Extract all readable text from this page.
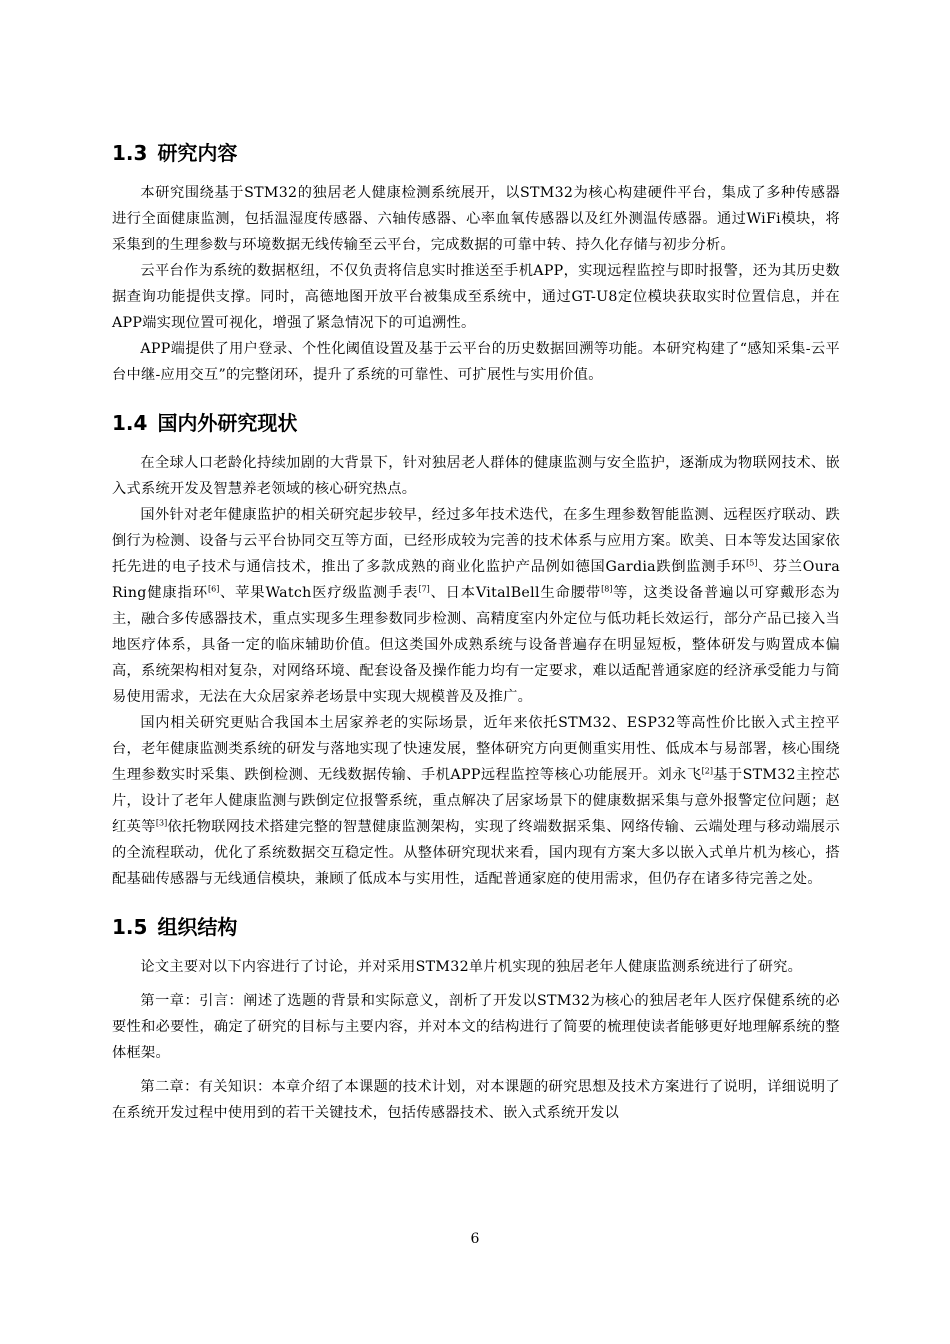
1.3 研究内容

本研究围绕基于STM32的独居老人健康检测系统展开，以STM32为核心构建硬件平台，集成了多种传感器进行全面健康监测，包括温湿度传感器、六轴传感器、心率血氧传感器以及红外测温传感器。通过WiFi模块，将采集到的生理参数与环境数据无线传输至云平台，完成数据的可靠中转、持久化存储与初步分析。

云平台作为系统的数据枢纽，不仅负责将信息实时推送至手机APP，实现远程监控与即时报警，还为其历史数据查询功能提供支撑。同时，高德地图开放平台被集成至系统中，通过GT-U8定位模块获取实时位置信息，并在APP端实现位置可视化，增强了紧急情况下的可追溯性。

APP端提供了用户登录、个性化阈值设置及基于云平台的历史数据回溯等功能。本研究构建了“感知采集-云平台中继-应用交互”的完整闭环，提升了系统的可靠性、可扩展性与实用价值。

1.4 国内外研究现状

在全球人口老龄化持续加剧的大背景下，针对独居老人群体的健康监测与安全监护，逐渐成为物联网技术、嵌入式系统开发及智慧养老领域的核心研究热点。

国外针对老年健康监护的相关研究起步较早，经过多年技术迭代，在多生理参数智能监测、远程医疗联动、跌倒行为检测、设备与云平台协同交互等方面，已经形成较为完善的技术体系与应用方案。欧美、日本等发达国家依托先进的电子技术与通信技术，推出了多款成熟的商业化监护产品例如德国Gardia跌倒监测手环[5]、芬兰Oura Ring健康指环[6]、苹果Watch医疗级监测手表[7]、日本VitalBell生命腰带[8]等，这类设备普遍以可穿戴形态为主，融合多传感器技术，重点实现多生理参数同步检测、高精度室内外定位与低功耗长效运行，部分产品已接入当地医疗体系，具备一定的临床辅助价值。但这类国外成熟系统与设备普遍存在明显短板，整体研发与购置成本偏高，系统架构相对复杂，对网络环境、配套设备及操作能力均有一定要求，难以适配普通家庭的经济承受能力与简易使用需求，无法在大众居家养老场景中实现大规模普及及推广。

国内相关研究更贴合我国本土居家养老的实际场景，近年来依托STM32、ESP32等高性价比嵌入式主控平台，老年健康监测类系统的研发与落地实现了快速发展，整体研究方向更侧重实用性、低成本与易部署，核心围绕生理参数实时采集、跌倒检测、无线数据传输、手机APP远程监控等核心功能展开。刘永飞[2]基于STM32主控芯片，设计了老年人健康监测与跌倒定位报警系统，重点解决了居家场景下的健康数据采集与意外报警定位问题；赵红英等[3]依托物联网技术搭建完整的智慧健康监测架构，实现了终端数据采集、网络传输、云端处理与移动端展示的全流程联动，优化了系统数据交互稳定性。从整体研究现状来看，国内现有方案大多以嵌入式单片机为核心，搭配基础传感器与无线通信模块，兼顾了低成本与实用性，适配普通家庭的使用需求，但仍存在诸多待完善之处。

1.5 组织结构

论文主要对以下内容进行了讨论，并对采用STM32单片机实现的独居老年人健康监测系统进行了研究。

第一章：引言：阐述了选题的背景和实际意义，剖析了开发以STM32为核心的独居老年人医疗保健系统的必要性和必要性，确定了研究的目标与主要内容，并对本文的结构进行了简要的梳理使读者能够更好地理解系统的整体框架。

第二章：有关知识：本章介绍了本课题的技术计划，对本课题的研究思想及技术方案进行了说明，详细说明了在系统开发过程中使用到的若干关键技术，包括传感器技术、嵌入式系统开发以

6
